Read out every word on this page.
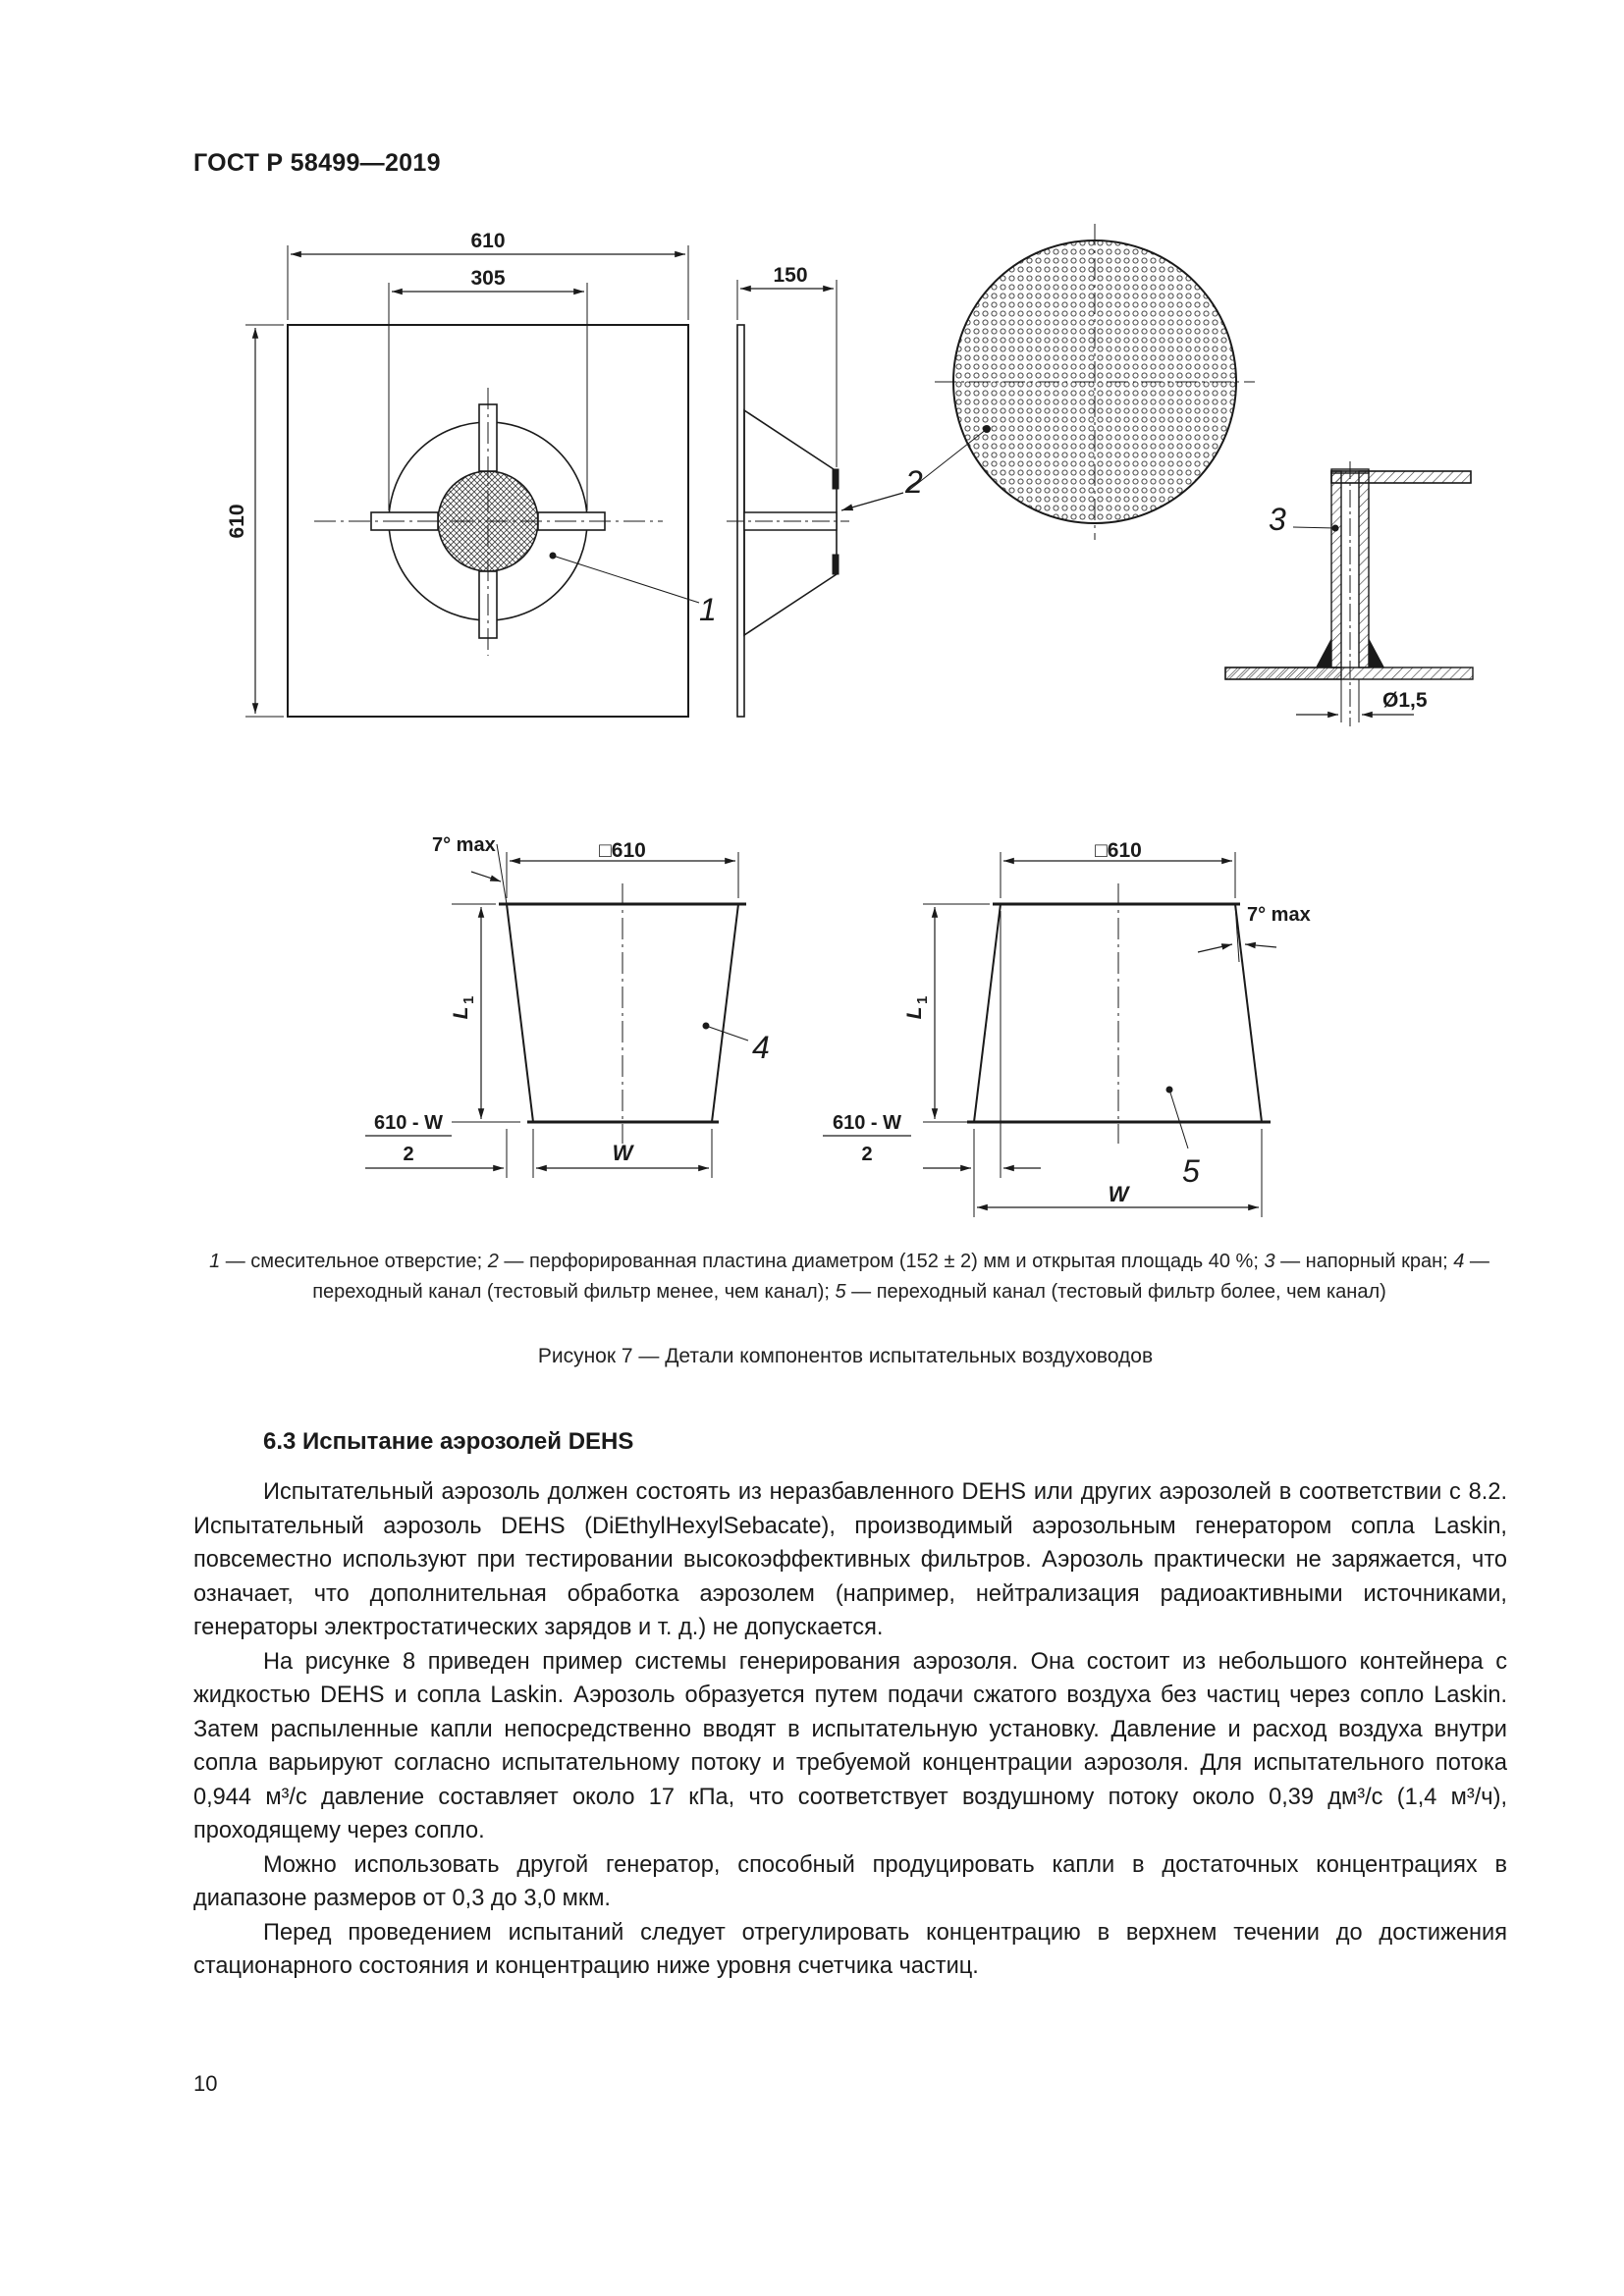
ГОСТ Р 58499—2019
610
305
610
1
150
2
3
Ø1,5
7° max	□610
L
1
610 - W
2	W
4
□610
7° max
L
1
610 - W
2
W
5
1 — смесительное отверстие; 2 — перфорированная пластина диаметром (152 ± 2) мм и открытая площадь 40 %; 3 — напорный кран; 4 — переходный канал (тестовый фильтр менее, чем канал); 5 — переходный канал (тестовый фильтр более, чем канал)
Рисунок 7 — Детали компонентов испытательных воздуховодов
6.3 Испытание аэрозолей DEHS

Испытательный аэрозоль должен состоять из неразбавленного DEHS или других аэрозолей в соответствии с 8.2. Испытательный аэрозоль DEHS (DiEthylHexylSebacate), производимый аэрозольным генератором сопла Laskin, повсеместно используют при тестировании высокоэффективных фильтров. Аэрозоль практически не заряжается, что означает, что дополнительная обработка аэрозолем (например, нейтрализация радиоактивными источниками, генераторы электростатических зарядов и т. д.) не допускается.

На рисунке 8 приведен пример системы генерирования аэрозоля. Она состоит из небольшого контейнера с жидкостью DEHS и сопла Laskin. Аэрозоль образуется путем подачи сжатого воздуха без частиц через сопло Laskin. Затем распыленные капли непосредственно вводят в испытательную установку. Давление и расход воздуха внутри сопла варьируют согласно испытательному потоку и требуемой концентрации аэрозоля. Для испытательного потока 0,944 м³/с давление составляет около 17 кПа, что соответствует воздушному потоку около 0,39 дм³/с (1,4 м³/ч), проходящему через сопло.

Можно использовать другой генератор, способный продуцировать капли в достаточных концентрациях в диапазоне размеров от 0,3 до 3,0 мкм.

Перед проведением испытаний следует отрегулировать концентрацию в верхнем течении до достижения стационарного состояния и концентрацию ниже уровня счетчика частиц.

10
